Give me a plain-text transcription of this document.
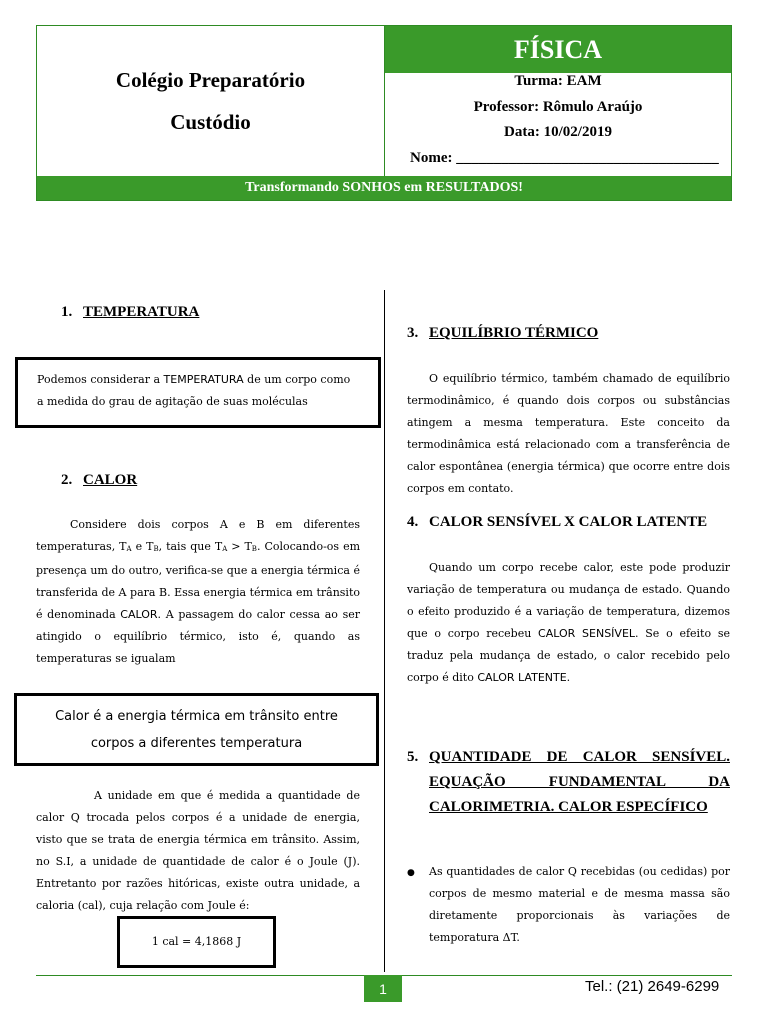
Colégio Preparatório
Custódio
FÍSICA
Turma: EAM
Professor: Rômulo Araújo
Data: 10/02/2019
Nome: ___________________________________
Transformando SONHOS em RESULTADOS!
1. TEMPERATURA
Podemos considerar a TEMPERATURA de um corpo como a medida do grau de agitação de suas moléculas
2. CALOR
Considere dois corpos A e B em diferentes temperaturas, TA e TB, tais que TA > TB. Colocando-os em presença um do outro, verifica-se que a energia térmica é transferida de A para B. Essa energia térmica em trânsito é denominada CALOR. A passagem do calor cessa ao ser atingido o equilíbrio térmico, isto é, quando as temperaturas se igualam
Calor é a energia térmica em trânsito entre
corpos a diferentes temperatura
A unidade em que é medida a quantidade de calor Q trocada pelos corpos é a unidade de energia, visto que se trata de energia térmica em trânsito. Assim, no S.I, a unidade de quantidade de calor é o Joule (J). Entretanto por razões hitóricas, existe outra unidade, a caloria (cal), cuja relação com Joule é:
1 cal = 4,1868 J
3. EQUILÍBRIO TÉRMICO
O equilíbrio térmico, também chamado de equilíbrio termodinâmico, é quando dois corpos ou substâncias atingem a mesma temperatura. Este conceito da termodinâmica está relacionado com a transferência de calor espontânea (energia térmica) que ocorre entre dois corpos em contato.
4. CALOR SENSÍVEL X CALOR LATENTE
Quando um corpo recebe calor, este pode produzir variação de temperatura ou mudança de estado. Quando o efeito produzido é a variação de temperatura, dizemos que o corpo recebeu CALOR SENSÍVEL. Se o efeito se traduz pela mudança de estado, o calor recebido pelo corpo é dito CALOR LATENTE.
5. QUANTIDADE DE CALOR SENSÍVEL. EQUAÇÃO FUNDAMENTAL DA CALORIMETRIA. CALOR ESPECÍFICO
●	As quantidades de calor Q recebidas (ou cedidas) por corpos de mesmo material e de mesma massa são diretamente proporcionais às variações de temporatura ΔT.
1	Tel.: (21) 2649-6299
